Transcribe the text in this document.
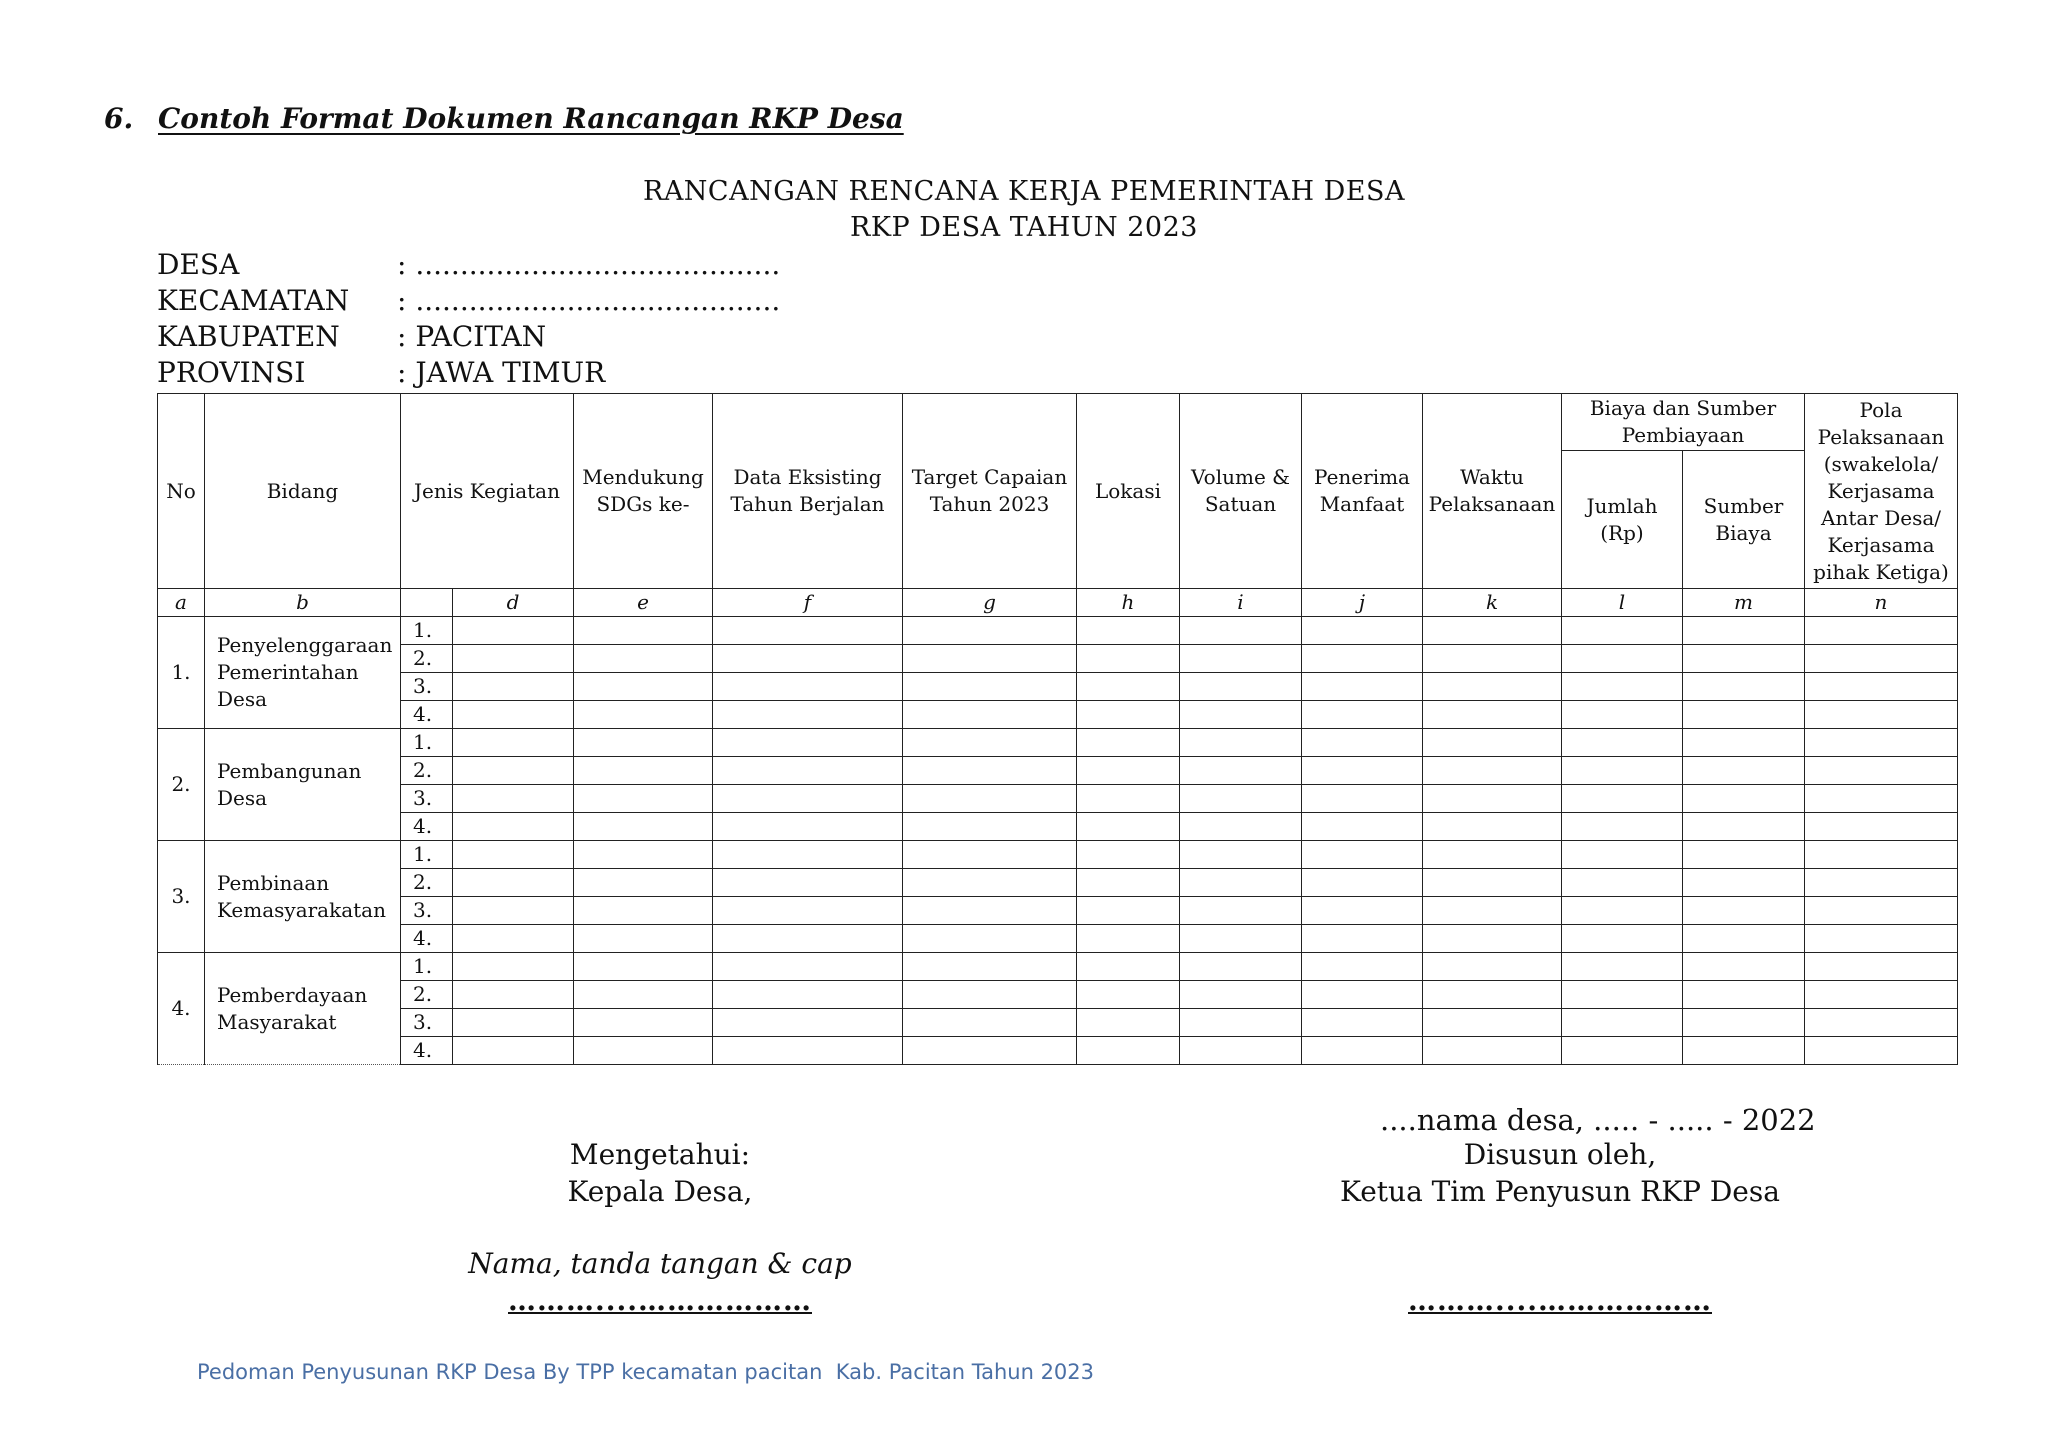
6. Contoh Format Dokumen Rancangan RKP Desa
RANCANGAN RENCANA KERJA PEMERINTAH DESA
RKP DESA TAHUN 2023
DESA	: .........................................
KECAMATAN : .........................................
KABUPATEN : PACITAN
PROVINSI	: JAWA TIMUR
No	Bidang	Jenis Kegiatan		Mendukung SDGs ke-	Data Eksisting Tahun Berjalan	Target Capaian Tahun 2023	Lokasi	Volume & Satuan	Penerima Manfaat	Waktu Pelaksanaan	Biaya dan Sumber Pembiayaan		Pola Pelaksanaan (swakelola/ Kerjasama Antar Desa/ Kerjasama pihak Ketiga)
											Jumlah (Rp)	Sumber Biaya	
a	b		d	e	f	g	h	i	j	k	l	m	n
1.	Penyelenggaraan Pemerintahan Desa	1.											
		2.											
		3.											
		4.											
2.	Pembangunan Desa	1.											
		2.											
		3.											
		4.											
3.	Pembinaan Kemasyarakatan	1.											
		2.											
		3.											
		4.											
4.	Pemberdayaan Masyarakat	1.											
		2.											
		3.											
		4.											
....nama desa, ..... - ..... - 2022
Mengetahui:
Kepala Desa,
Nama, tanda tangan & cap
………....………………
Disusun oleh,
Ketua Tim Penyusun RKP Desa
………....………………
Pedoman Penyusunan RKP Desa By TPP kecamatan pacitan  Kab. Pacitan Tahun 2023
